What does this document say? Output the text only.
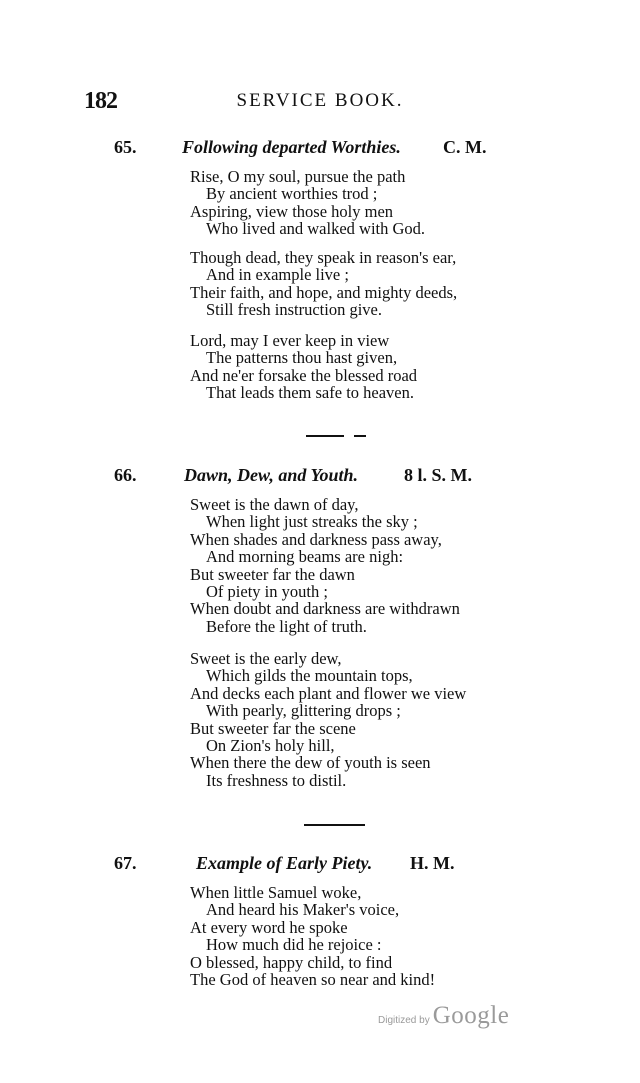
182	SERVICE BOOK.
65.	Following departed Worthies. C. M.
Rise, O my soul, pursue the path
By ancient worthies trod ;
Aspiring, view those holy men
Who lived and walked with God.
Though dead, they speak in reason's ear,
And in example live ;
Their faith, and hope, and mighty deeds,
Still fresh instruction give.
Lord, may I ever keep in view
The patterns thou hast given,
And ne'er forsake the blessed road
That leads them safe to heaven.
66.	Dawn, Dew, and Youth.	8 l. S. M.
Sweet is the dawn of day,
When light just streaks the sky ;
When shades and darkness pass away,
And morning beams are nigh:
But sweeter far the dawn
Of piety in youth ;
When doubt and darkness are withdrawn
Before the light of truth.
Sweet is the early dew,
Which gilds the mountain tops,
And decks each plant and flower we view
With pearly, glittering drops ;
But sweeter far the scene
On Zion's holy hill,
When there the dew of youth is seen
Its freshness to distil.
67.	Example of Early Piety. H. M.
When little Samuel woke,
And heard his Maker's voice,
At every word he spoke
How much did he rejoice :
O blessed, happy child, to find
The God of heaven so near and kind!
Digitized by Google
